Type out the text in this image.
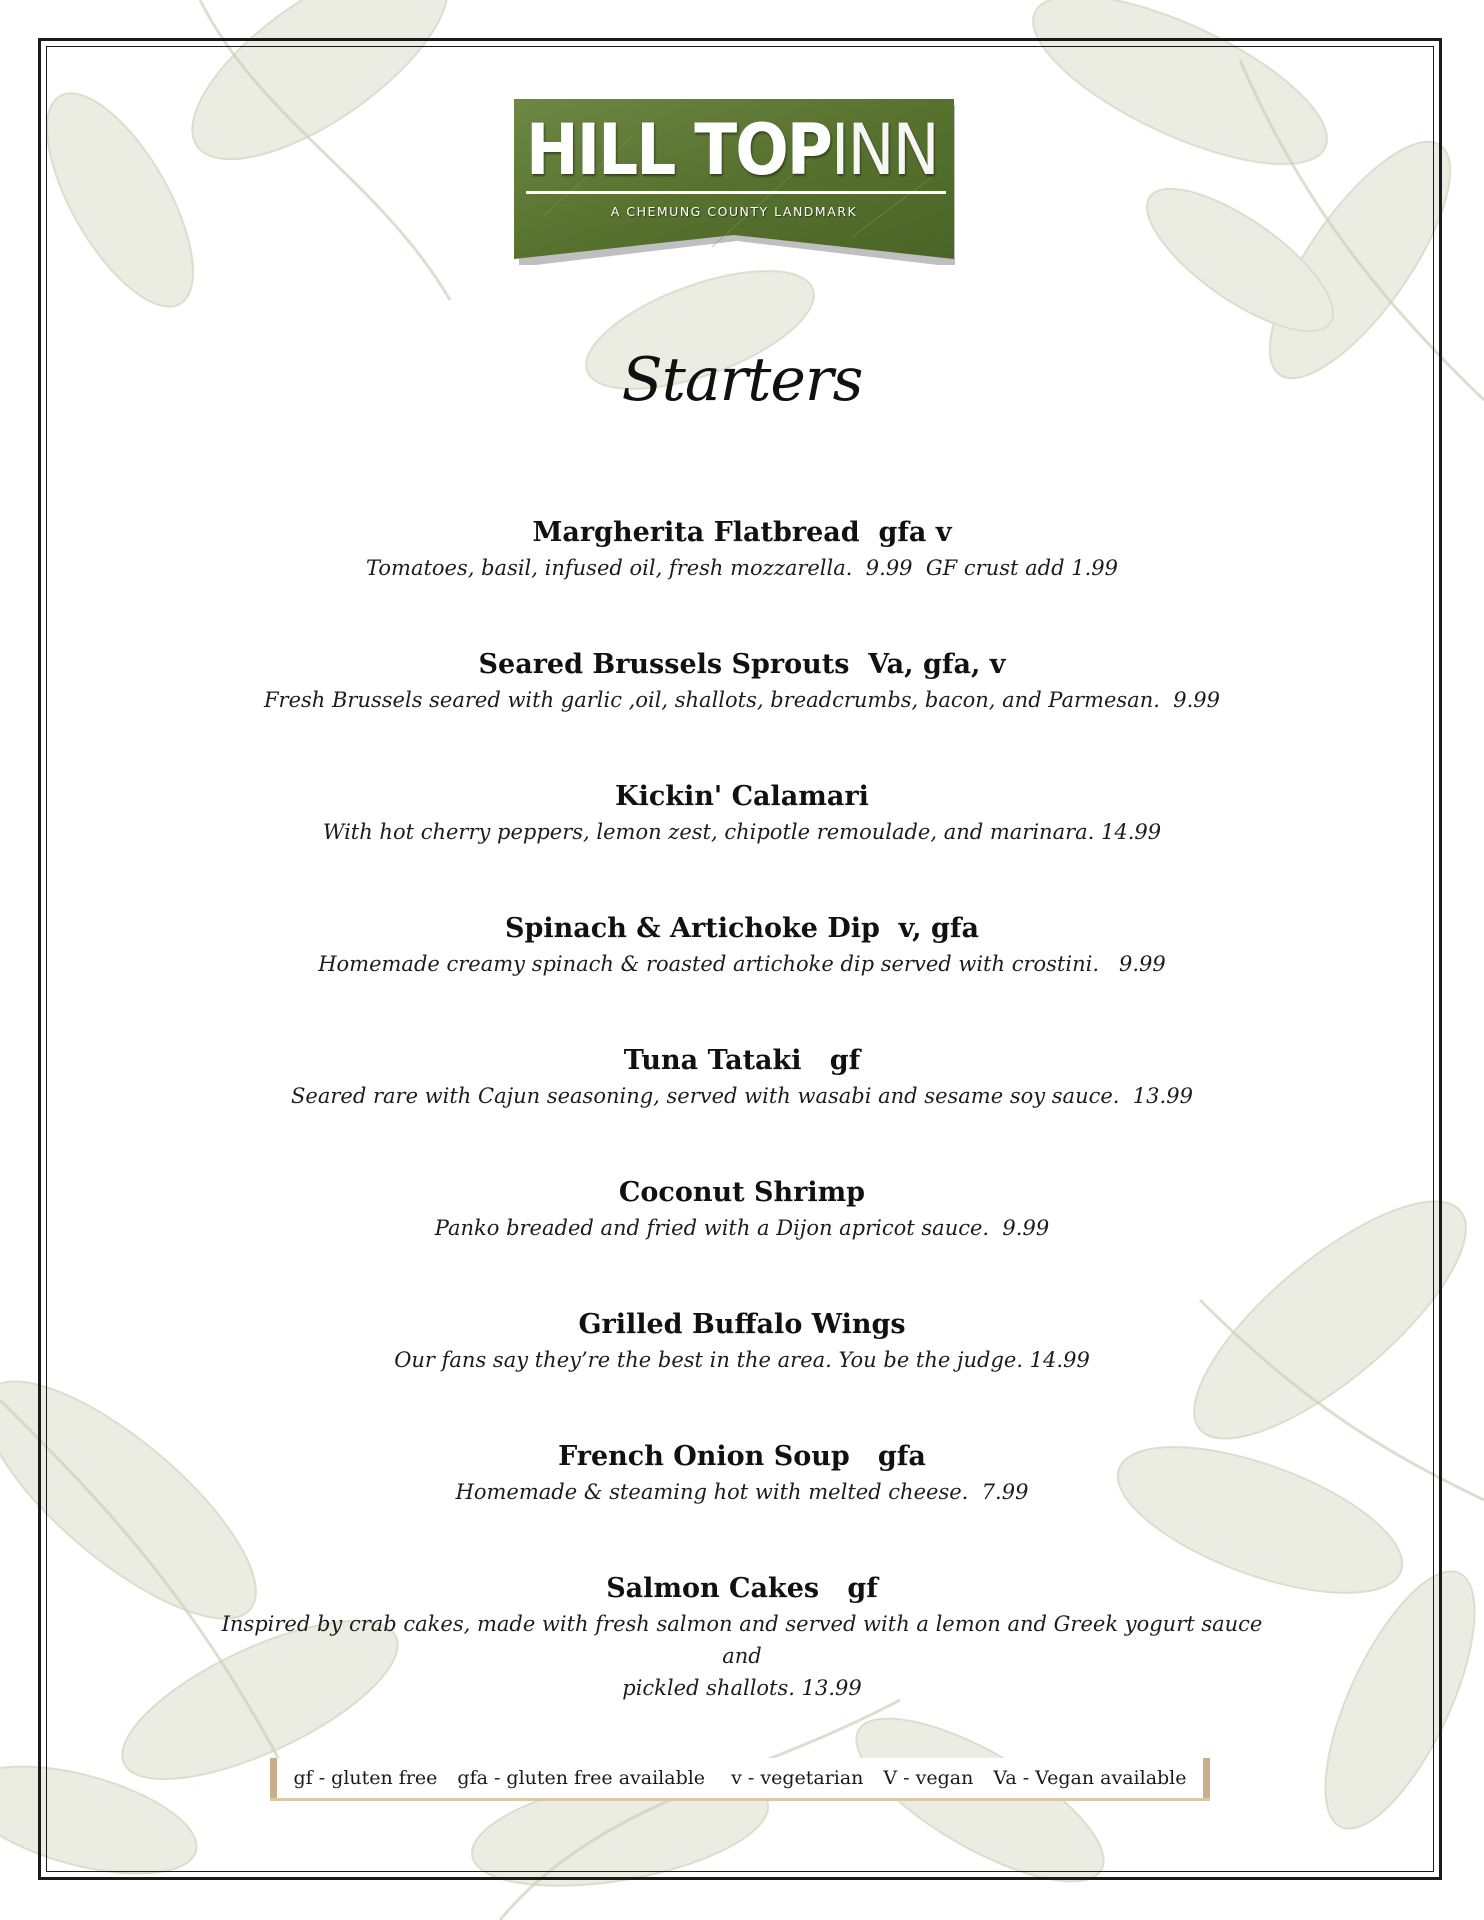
HILL TOPINN
A CHEMUNG COUNTY LANDMARK
Starters
Margherita Flatbread  gfa v
Tomatoes, basil, infused oil, fresh mozzarella.  9.99  GF crust add 1.99
Seared Brussels Sprouts  Va, gfa, v
Fresh Brussels seared with garlic ,oil, shallots, breadcrumbs, bacon, and Parmesan.  9.99
Kickin' Calamari
With hot cherry peppers, lemon zest, chipotle remoulade, and marinara. 14.99
Spinach & Artichoke Dip  v, gfa
Homemade creamy spinach & roasted artichoke dip served with crostini.   9.99
Tuna Tataki   gf
Seared rare with Cajun seasoning, served with wasabi and sesame soy sauce.  13.99
Coconut Shrimp
Panko breaded and fried with a Dijon apricot sauce.  9.99
Grilled Buffalo Wings
Our fans say they’re the best in the area. You be the judge. 14.99
French Onion Soup   gfa
Homemade & steaming hot with melted cheese.  7.99
Salmon Cakes   gf
Inspired by crab cakes, made with fresh salmon and served with a lemon and Greek yogurt sauce and
pickled shallots. 13.99
gf - gluten free gfa - gluten free available v - vegetarian V - vegan Va - Vegan available
